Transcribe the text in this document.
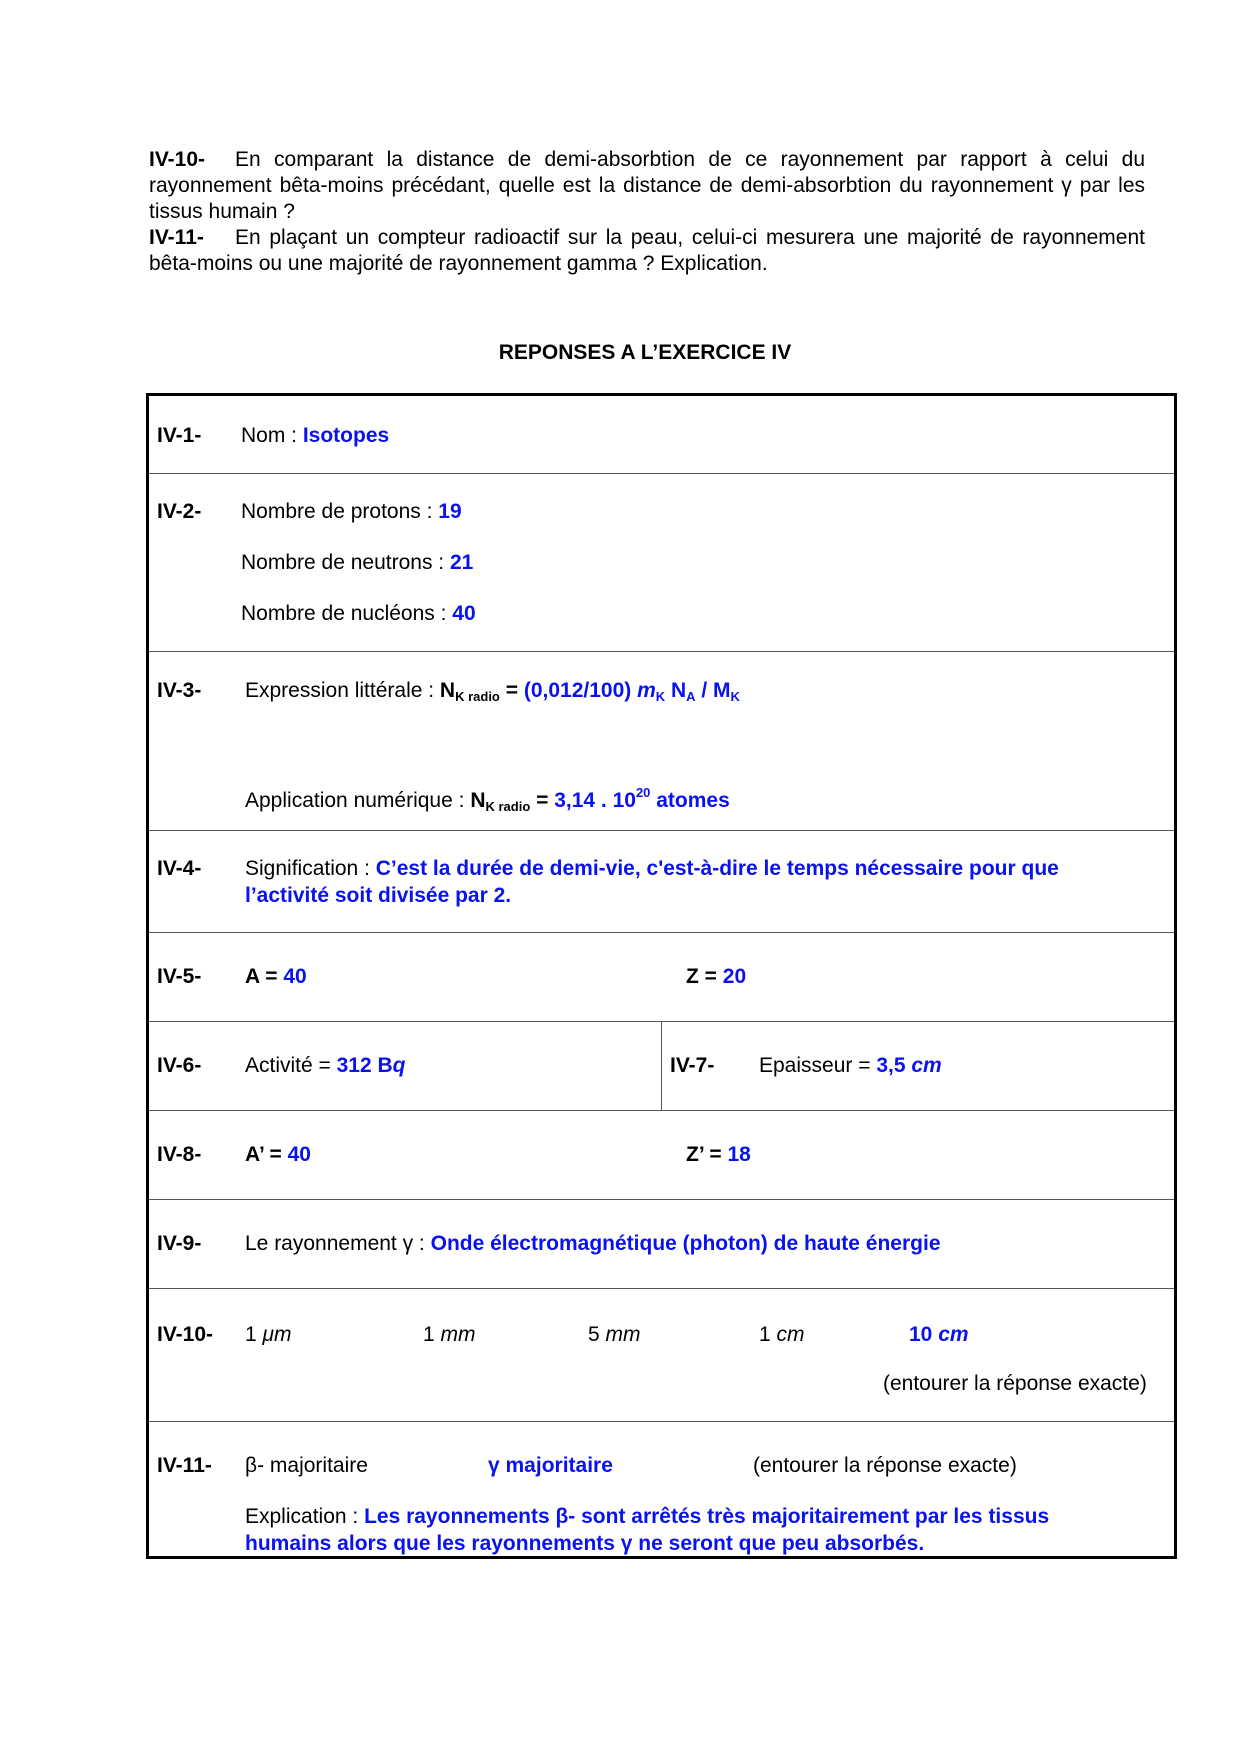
IV-10- En comparant la distance de demi-absorbtion de ce rayonnement par rapport à celui du rayonnement bêta-moins précédant, quelle est la distance de demi-absorbtion du rayonnement γ par les tissus humain ?

IV-11- En plaçant un compteur radioactif sur la peau, celui-ci mesurera une majorité de rayonnement bêta-moins ou une majorité de rayonnement gamma ? Explication.

REPONSES A L’EXERCICE IV
IV-1- Nom : Isotopes
IV-2- Nombre de protons : 19
Nombre de neutrons : 21
Nombre de nucléons : 40
IV-3- Expression littérale : $N_{K radio} = (0,012/100)$ $m_K$ $N_A / M_K$
Application numérique : $N_{K radio} = 3,14$ . $10^{20}$ atomes
IV-4- Signification : C’est la durée de demi-vie, c'est-à-dire le temps nécessaire pour que
l’activité soit divisée par 2.
IV-5- A = 40	Z = 20
IV-6- Activité = 312 Bq	IV-7- Epaisseur = 3,5 cm
IV-8- A’ = 40	Z’ = 18
IV-9- Le rayonnement γ : Onde électromagnétique (photon) de haute énergie
IV-10- 1 μm	1 mm	5 mm	1 cm	10 cm
(entourer la réponse exacte)
IV-11- β- majoritaire	γ majoritaire	(entourer la réponse exacte)
Explication : Les rayonnements β- sont arrêtés très majoritairement par les tissus
humains alors que les rayonnements γ ne seront que peu absorbés.
